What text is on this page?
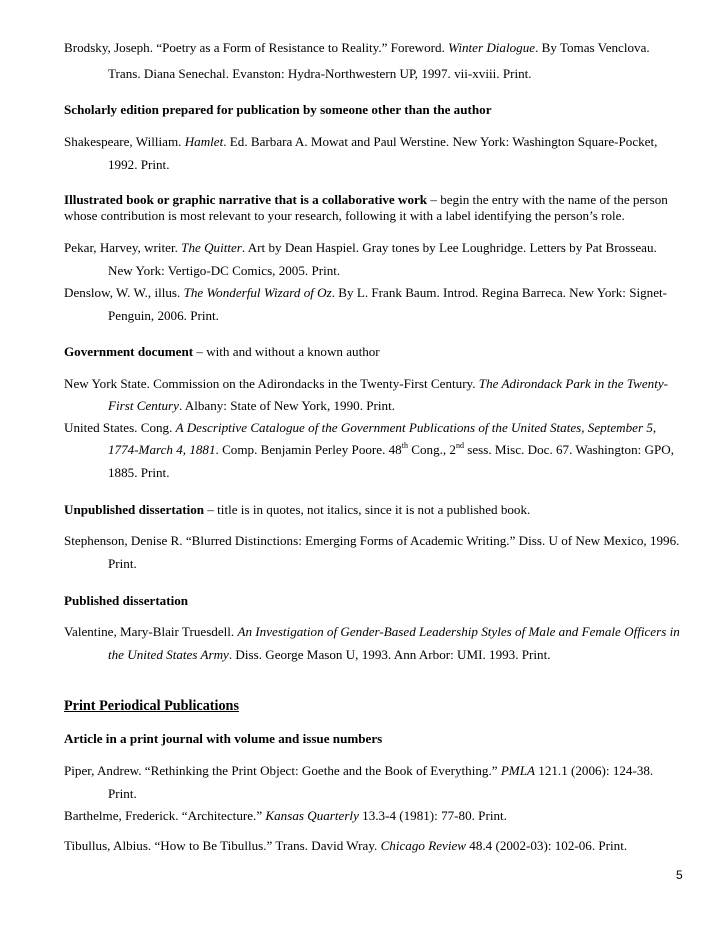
Brodsky, Joseph. “Poetry as a Form of Resistance to Reality.” Foreword. Winter Dialogue. By Tomas Venclova.
Trans. Diana Senechal. Evanston: Hydra-Northwestern UP, 1997. vii-xviii. Print.
Scholarly edition prepared for publication by someone other than the author
Shakespeare, William. Hamlet. Ed. Barbara A. Mowat and Paul Werstine. New York: Washington Square-Pocket,
1992. Print.
Illustrated book or graphic narrative that is a collaborative work – begin the entry with the name of the person
whose contribution is most relevant to your research, following it with a label identifying the person’s role.
Pekar, Harvey, writer. The Quitter. Art by Dean Haspiel. Gray tones by Lee Loughridge. Letters by Pat Brosseau.
New York: Vertigo-DC Comics, 2005. Print.
Denslow, W. W., illus. The Wonderful Wizard of Oz. By L. Frank Baum. Introd. Regina Barreca. New York: Signet-
Penguin, 2006. Print.
Government document – with and without a known author
New York State. Commission on the Adirondacks in the Twenty-First Century. The Adirondack Park in the Twenty-
First Century. Albany: State of New York, 1990. Print.
United States. Cong. A Descriptive Catalogue of the Government Publications of the United States, September 5,
1774-March 4, 1881. Comp. Benjamin Perley Poore. 48th Cong., 2nd sess. Misc. Doc. 67. Washington: GPO,
1885. Print.
Unpublished dissertation – title is in quotes, not italics, since it is not a published book.
Stephenson, Denise R. “Blurred Distinctions: Emerging Forms of Academic Writing.” Diss. U of New Mexico, 1996.
Print.
Published dissertation
Valentine, Mary-Blair Truesdell. An Investigation of Gender-Based Leadership Styles of Male and Female Officers in
the United States Army. Diss. George Mason U, 1993. Ann Arbor: UMI. 1993. Print.
Print Periodical Publications
Article in a print journal with volume and issue numbers
Piper, Andrew. “Rethinking the Print Object: Goethe and the Book of Everything.” PMLA 121.1 (2006): 124-38.
Print.
Barthelme, Frederick. “Architecture.” Kansas Quarterly 13.3-4 (1981): 77-80. Print.
Tibullus, Albius. “How to Be Tibullus.” Trans. David Wray. Chicago Review 48.4 (2002-03): 102-06. Print.
5
